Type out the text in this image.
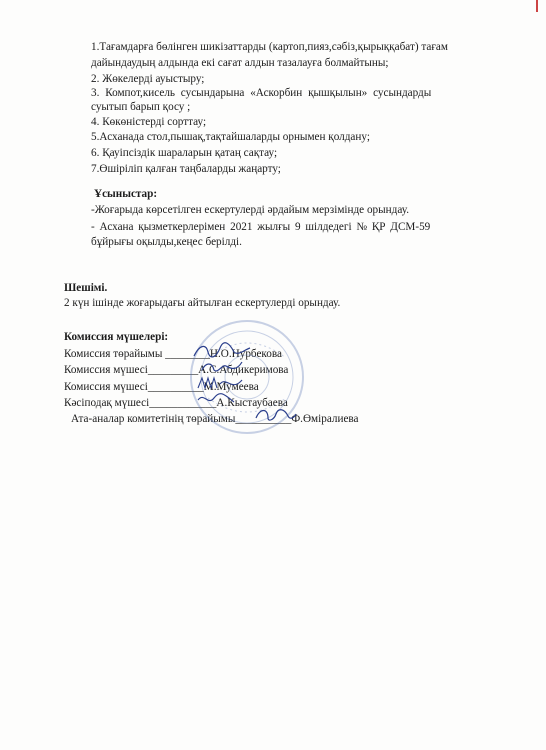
1.Тағамдарға бөлінген шикізаттарды (картоп,пияз,сәбіз,қырыққабат) тағам
дайындаудың алдында екі сағат алдын тазалауға болмайтыны;
2. Жөкелерді ауыстыру;
3. Компот,кисель сусындарына «Аскорбин қышқылын» сусындарды
суытып барып қосу ;
4. Көкөністерді сорттау;
5.Асханада стол,пышақ,тақтайшаларды орнымен қолдану;
6. Қауіпсіздік шараларын қатаң сақтау;
7.Өшіріліп қалған таңбаларды жаңарту;
Ұсыныстар:
-Жоғарыда көрсетілген ескертулерді әрдайым мерзімінде орындау.
- Асхана қызметкерлерімен 2021 жылғы 9 шілдедегі № ҚР ДСМ-59
бұйрығы оқылды,кеңес берілді.
Шешімі.
2 күн ішінде жоғарыдағы айтылған ескертулерді орындау.
Комиссия мүшелері:
Комиссия төрайымы ________Н.О.Нурбекова
Комиссия мүшесі_________А.С.Абдикеримова
Комиссия мүшесі__________М.Мумеева
Кәсіподақ мүшесі____________А.Кыстаубаева
Ата-аналар комитетінің төрайымы__________Ф.Өміралиева
